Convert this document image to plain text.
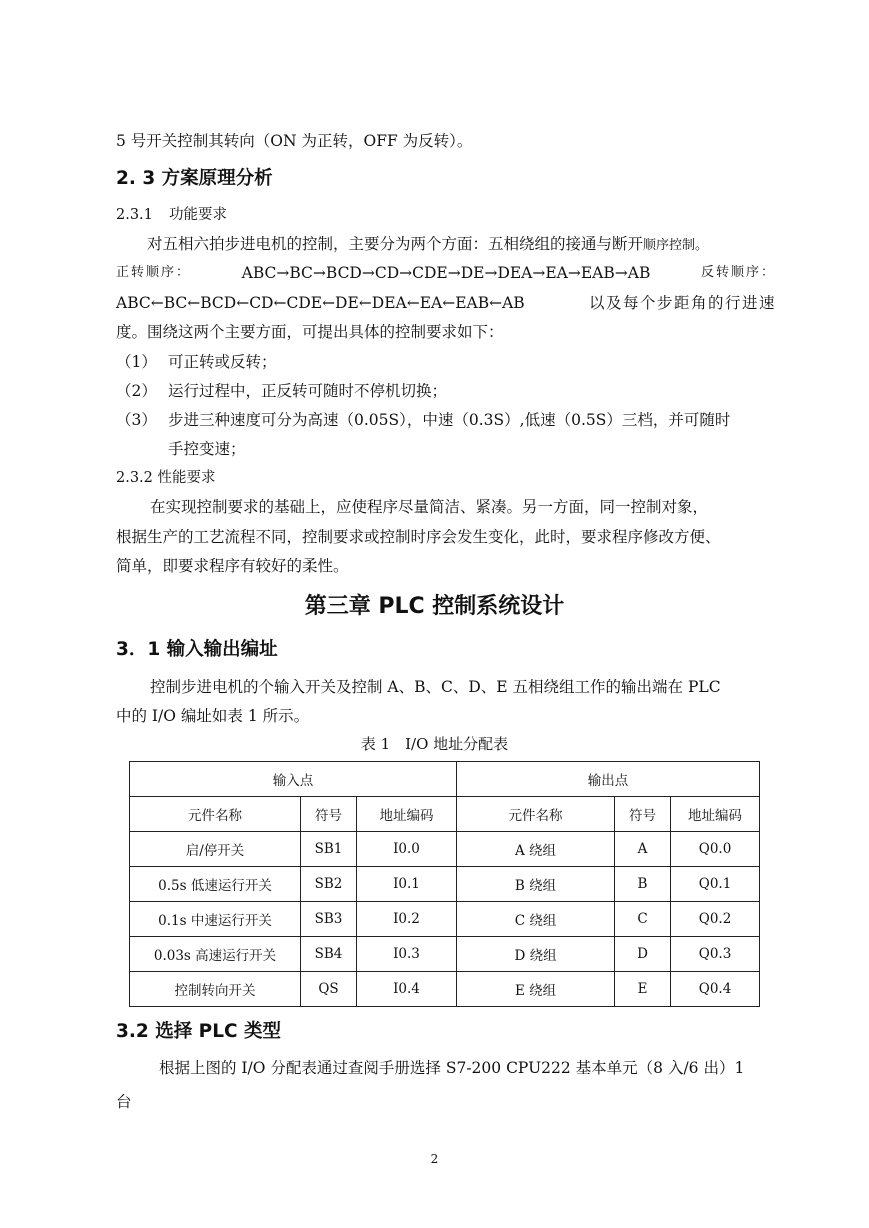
5 号开关控制其转向（ON 为正转，OFF 为反转）。
2. 3 方案原理分析
2.3.1 功能要求
对五相六拍步进电机的控制，主要分为两个方面：五相绕组的接通与断开顺序控制。
正转顺序：	ABC→BC→BCD→CD→CDE→DE→DEA→EA→EAB→AB	反转顺序：
ABC←BC←BCD←CD←CDE←DE←DEA←EA←EAB←AB	以及每个步距角的行进速
度。围绕这两个主要方面，可提出具体的控制要求如下：
（1） 可正转或反转；
（2） 运行过程中，正反转可随时不停机切换；
（3） 步进三种速度可分为高速（0.05S），中速（0.3S）,低速（0.5S）三档，并可随时
手控变速；
2.3.2 性能要求
在实现控制要求的基础上，应使程序尽量简洁、紧凑。另一方面，同一控制对象，
根据生产的工艺流程不同，控制要求或控制时序会发生变化，此时，要求程序修改方便、
简单，即要求程序有较好的柔性。
第三章 PLC 控制系统设计
3．1 输入输出编址
控制步进电机的个输入开关及控制 A、B、C、D、E 五相绕组工作的输出端在 PLC
中的 I/O 编址如表 1 所示。
表 1　I/O 地址分配表
输入点			输出点		
元件名称	符号	地址编码	元件名称	符号	地址编码
启/停开关	SB1	I0.0	A 绕组	A	Q0.0
0.5s 低速运行开关	SB2	I0.1	B 绕组	B	Q0.1
0.1s 中速运行开关	SB3	I0.2	C 绕组	C	Q0.2
0.03s 高速运行开关	SB4	I0.3	D 绕组	D	Q0.3
控制转向开关	QS	I0.4	E 绕组	E	Q0.4
3.2 选择 PLC 类型
根据上图的 I/O 分配表通过查阅手册选择 S7-200 CPU222 基本单元（8 入/6 出）1
台
2
